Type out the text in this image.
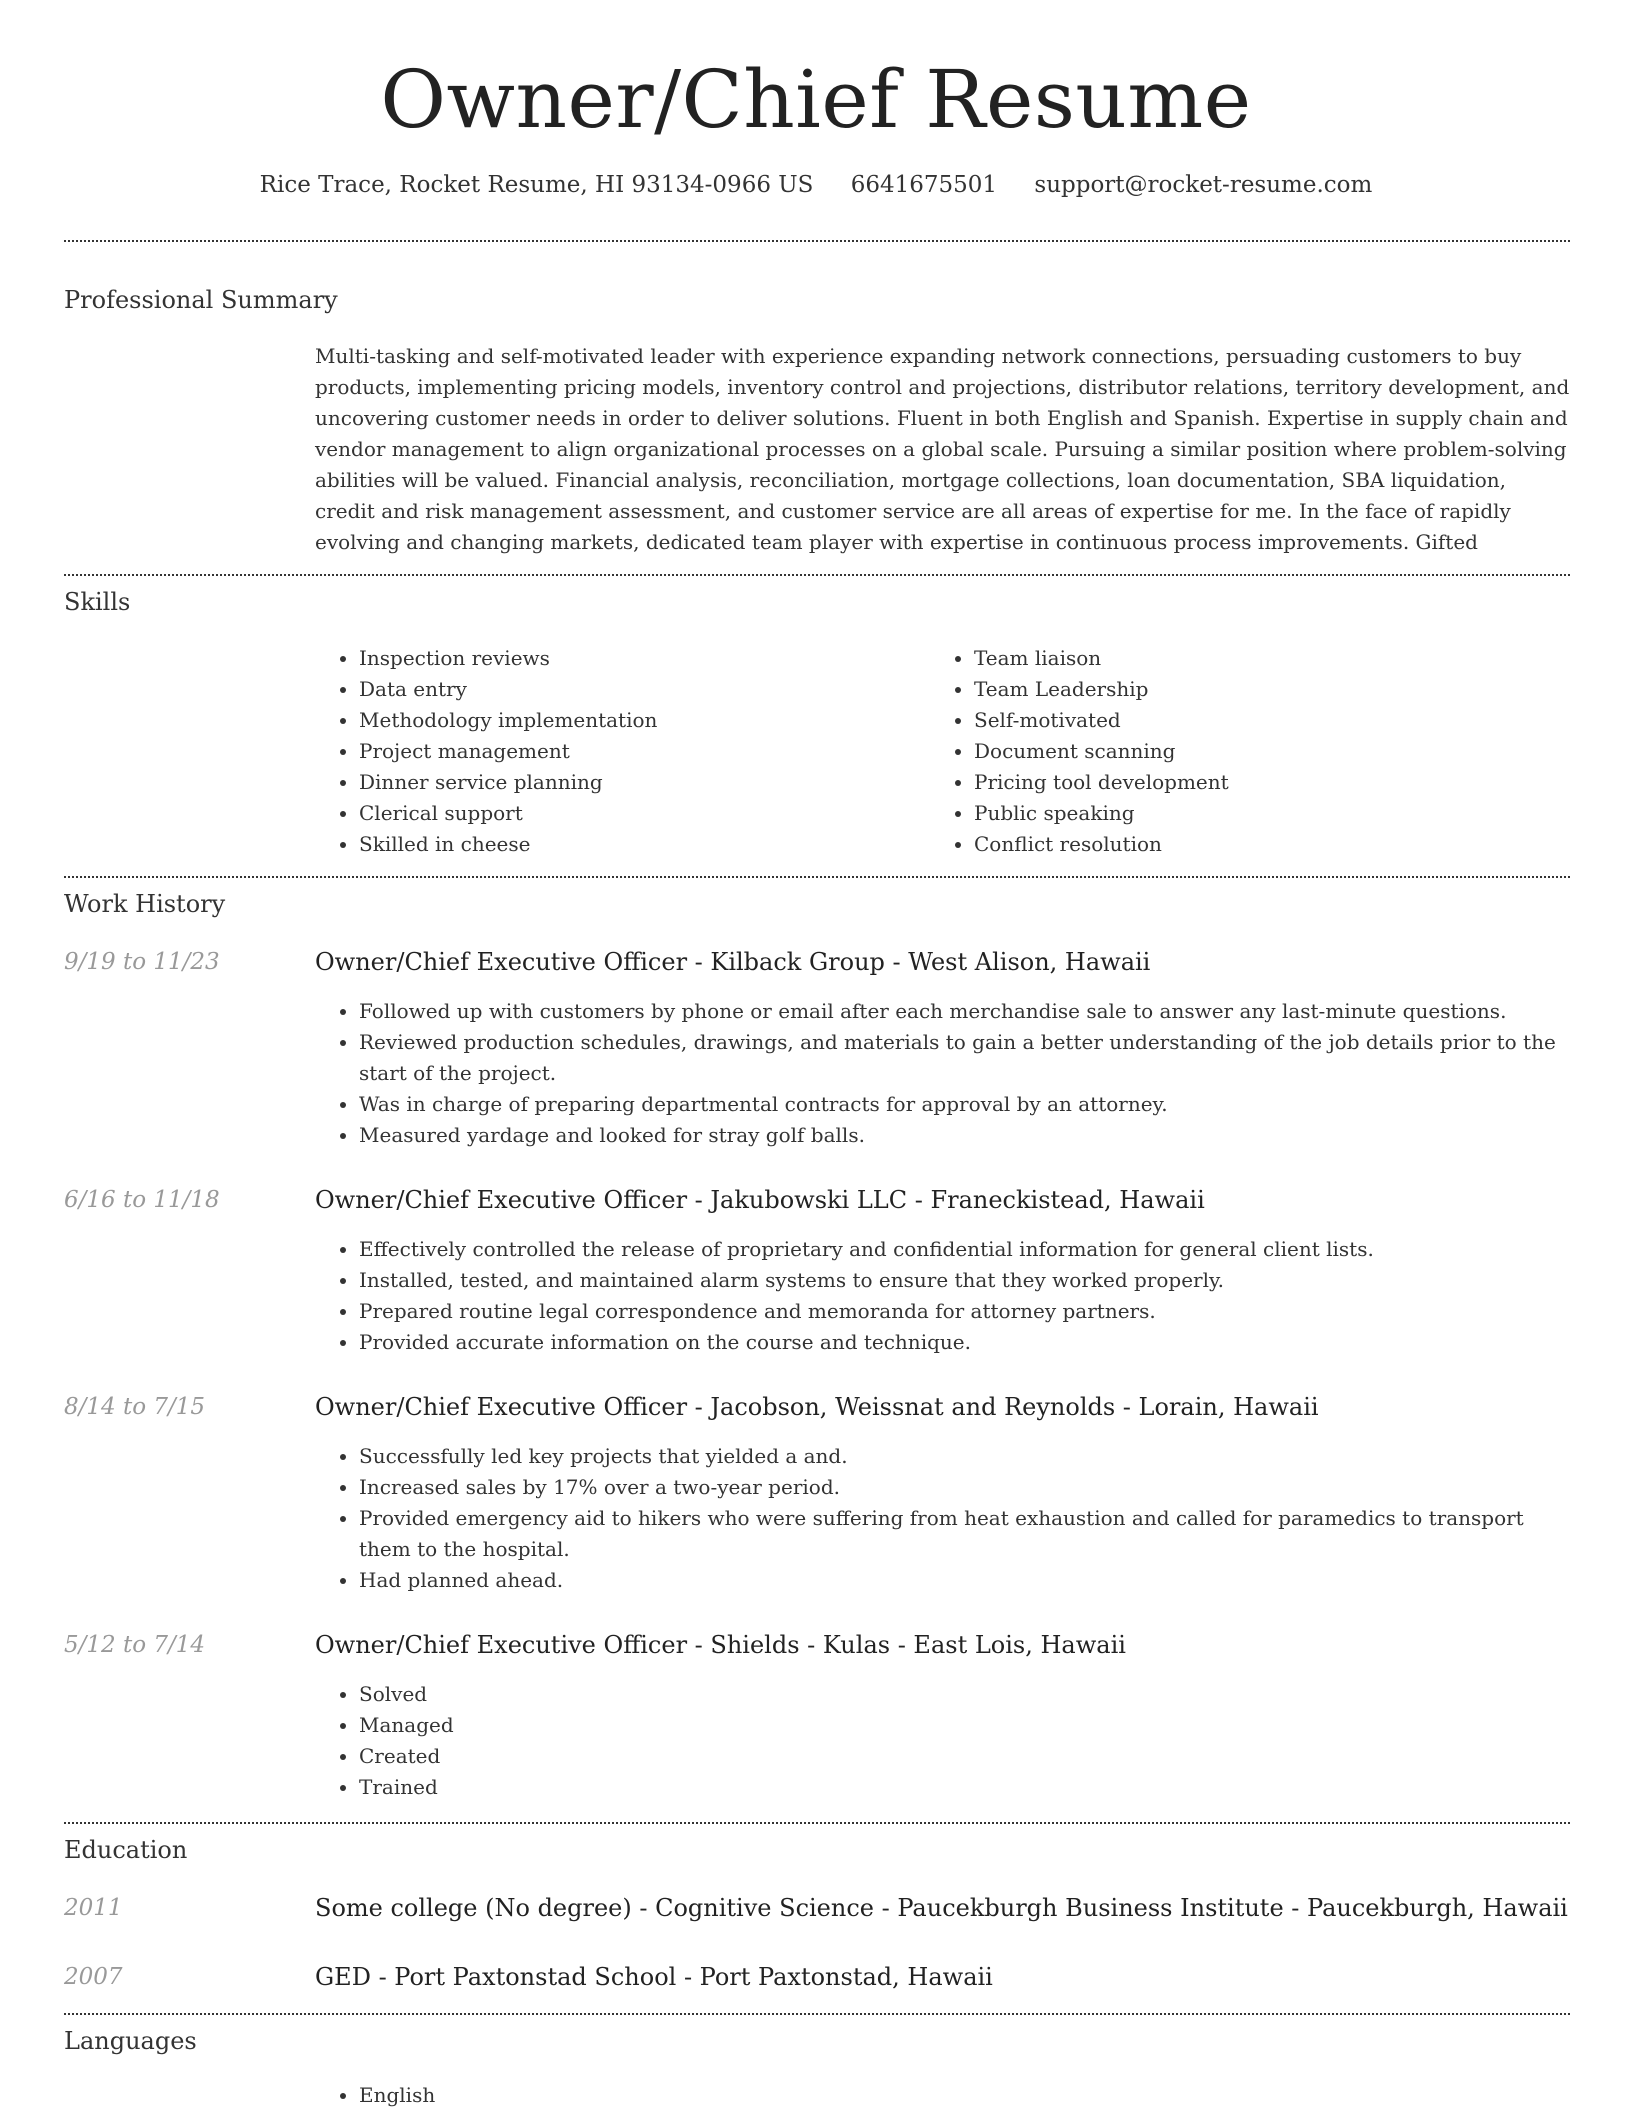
Owner/Chief Resume
Rice Trace, Rocket Resume, HI 93134-0966 US 6641675501 support@rocket-resume.com
Professional Summary

Multi-tasking and self-motivated leader with experience expanding network connections, persuading customers to buy products, implementing pricing models, inventory control and projections, distributor relations, territory development, and uncovering customer needs in order to deliver solutions. Fluent in both English and Spanish. Expertise in supply chain and vendor management to align organizational processes on a global scale. Pursuing a similar position where problem-solving abilities will be valued. Financial analysis, reconciliation, mortgage collections, loan documentation, SBA liquidation, credit and risk management assessment, and customer service are all areas of expertise for me. In the face of rapidly evolving and changing markets, dedicated team player with expertise in continuous process improvements. Gifted

Skills
• Inspection reviews
• Data entry
• Methodology implementation
• Project management
• Dinner service planning
• Clerical support
• Skilled in cheese
• Team liaison
• Team Leadership
• Self-motivated
• Document scanning
• Pricing tool development
• Public speaking
• Conflict resolution
Work History
9/19 to 11/23	Owner/Chief Executive Officer - Kilback Group - West Alison, Hawaii
• Followed up with customers by phone or email after each merchandise sale to answer any last-minute questions.
• Reviewed production schedules, drawings, and materials to gain a better understanding of the job details prior to the start of the project.
• Was in charge of preparing departmental contracts for approval by an attorney.
• Measured yardage and looked for stray golf balls.
6/16 to 11/18	Owner/Chief Executive Officer - Jakubowski LLC - Franeckistead, Hawaii
• Effectively controlled the release of proprietary and confidential information for general client lists.
• Installed, tested, and maintained alarm systems to ensure that they worked properly.
• Prepared routine legal correspondence and memoranda for attorney partners.
• Provided accurate information on the course and technique.
8/14 to 7/15	Owner/Chief Executive Officer - Jacobson, Weissnat and Reynolds - Lorain, Hawaii
• Successfully led key projects that yielded a and.
• Increased sales by 17% over a two-year period.
• Provided emergency aid to hikers who were suffering from heat exhaustion and called for paramedics to transport them to the hospital.
• Had planned ahead.
5/12 to 7/14	Owner/Chief Executive Officer - Shields - Kulas - East Lois, Hawaii
• Solved
• Managed
• Created
• Trained
Education
2011	Some college (No degree) - Cognitive Science - Paucekburgh Business Institute - Paucekburgh, Hawaii
2007	GED - Port Paxtonstad School - Port Paxtonstad, Hawaii
Languages
• English
